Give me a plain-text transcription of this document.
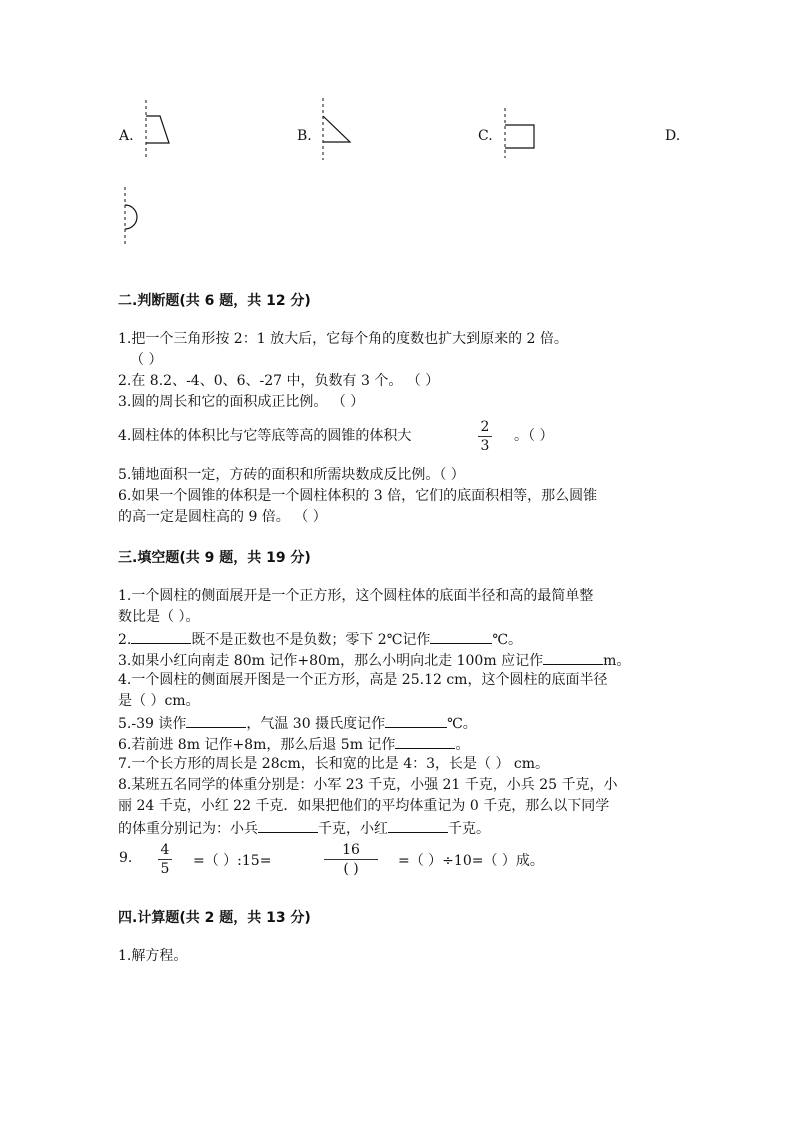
A.	B.	C.	D.
二.判断题(共 6 题，共 12 分)
1.把一个三角形按 2：1 放大后，它每个角的度数也扩大到原来的 2 倍。
（ ）
2.在 8.2、-4、0、6、-27 中，负数有 3 个。 （ ）
3.圆的周长和它的面积成正比例。 （ ）
4.圆柱体的体积比与它等底等高的圆锥的体积大
2
3
。（ ）
5.铺地面积一定，方砖的面积和所需块数成反比例。（ ）
6.如果一个圆锥的体积是一个圆柱体积的 3 倍，它们的底面积相等，那么圆锥
的高一定是圆柱高的 9 倍。 （ ）
三.填空题(共 9 题，共 19 分)
1.一个圆柱的侧面展开是一个正方形，这个圆柱体的底面半径和高的最简单整
数比是（ ）。
2.	既不是正数也不是负数；零下 2℃记作	℃。
3.如果小红向南走 80m 记作+80m，那么小明向北走 100m 应记作	m。
4.一个圆柱的侧面展开图是一个正方形，高是 25.12 cm，这个圆柱的底面半径
是（ ）cm。
5.-39 读作	，气温 30 摄氏度记作	℃。
6.若前进 8m 记作+8m，那么后退 5m 记作	。
7.一个长方形的周长是 28cm，长和宽的比是 4：3，长是（ ） cm。
8.某班五名同学的体重分别是：小军 23 千克，小强 21 千克，小兵 25 千克，小
丽 24 千克，小红 22 千克．如果把他们的平均体重记为 0 千克，那么以下同学
的体重分别记为：小兵	千克，小红	千克。
9. 4
5 =（ ）:15=
16
( )	=（ ）÷10=（ ）成。
四.计算题(共 2 题，共 13 分)
1.解方程。
